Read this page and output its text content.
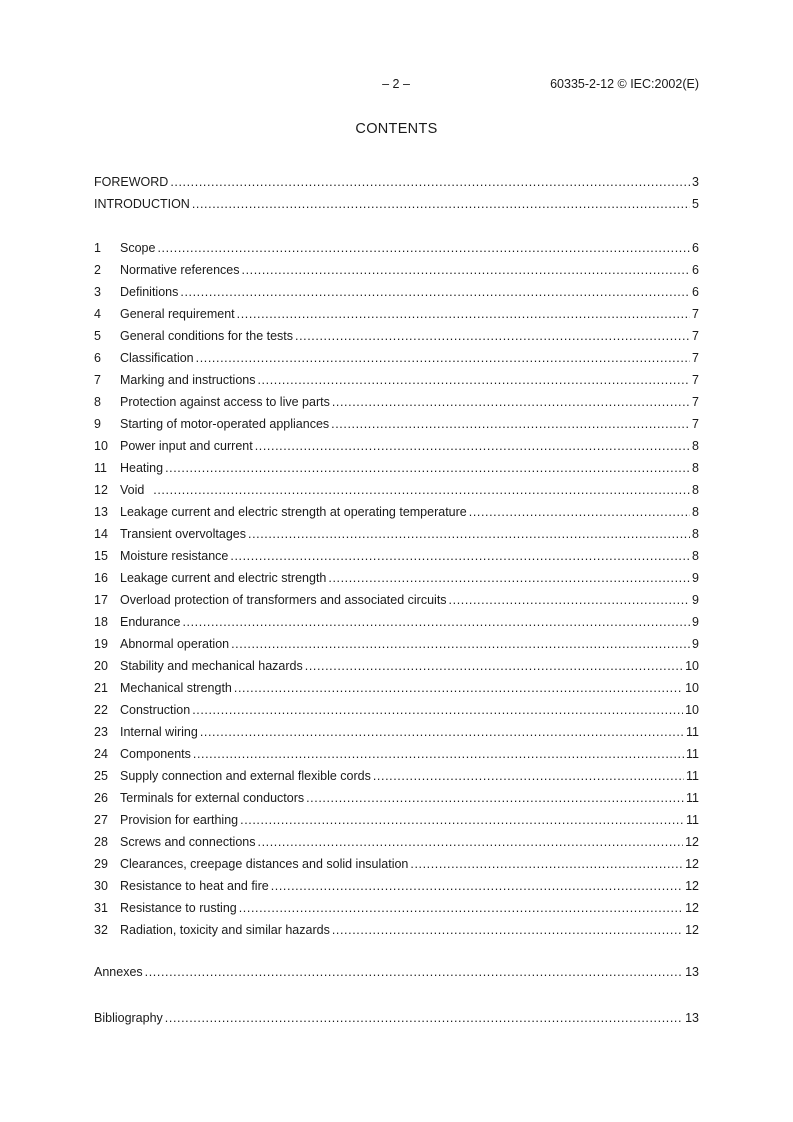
– 2 –	60335-2-12 © IEC:2002(E)
CONTENTS
FOREWORD .....	3
INTRODUCTION .....	5
1	Scope .....	6
2	Normative references .....	6
3	Definitions .....	6
4	General requirement .....	7
5	General conditions for the tests .....	7
6	Classification .....	7
7	Marking and instructions .....	7
8	Protection against access to live parts .....	7
9	Starting of motor-operated appliances .....	7
10 Power input and current .....	8
11	Heating .....	8
12 Void .....	8
13 Leakage current and electric strength at operating temperature .....	8
14 Transient overvoltages .....	8
15 Moisture resistance .....	8
16 Leakage current and electric strength .....	9
17 Overload protection of transformers and associated circuits .....	9
18 Endurance .....	9
19 Abnormal operation .....	9
20 Stability and mechanical hazards .....	10
21 Mechanical strength .....	10
22 Construction .....	10
23 Internal wiring .....	11
24 Components .....	11
25 Supply connection and external flexible cords .....	11
26 Terminals for external conductors .....	11
27 Provision for earthing .....	11
28 Screws and connections .....	12
29 Clearances, creepage distances and solid insulation .....	12
30 Resistance to heat and fire .....	12
31 Resistance to rusting .....	12
32 Radiation, toxicity and similar hazards .....	12
Annexes .....	13
Bibliography .....	13
